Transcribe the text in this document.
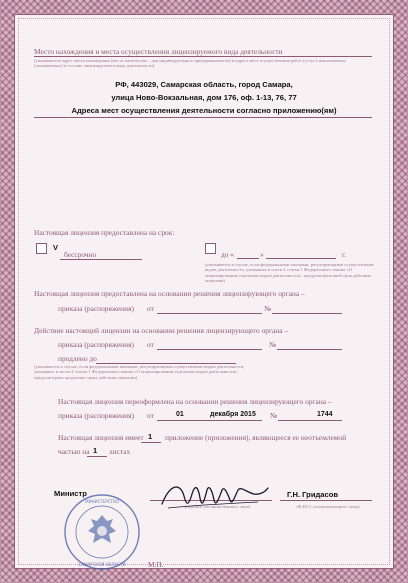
Место нахождения и места осуществления лицензируемого вида деятельности
(указываются адрес места нахождения (места жительства – для индивидуального предпринимателя) и адреса мест осуществления работ (услуг), выполняемых (оказываемых) в составе лицензируемого вида деятельности)
РФ, 443029, Самарская область, город Самара,
улица Ново-Вокзальная, дом 176, оф. 1-13, 76, 77
Адреса мест осуществления деятельности согласно приложению(ям)
Настоящая лицензия предоставлена на срок:
V
бессрочно	до «	»	г.
(указывается в случае, если федеральными законами, регулирующими осуществление видов деятельности, указанных в части 4 статьи 1 Федерального закона «О лицензировании отдельных видов деятельности», предусмотрен иной срок действия лицензии)
Настоящая лицензия предоставлена на основании решения лицензирующего органа –
приказа (распоряжения) от	№
Действие настоящей лицензии на основании решения лицензирующего органа –
приказа (распоряжения) от	№
продлено до
(указывается в случае, если федеральными законами, регулирующими осуществление видов деятельности, указанных в части 4 статьи 1 Федерального закона «О лицензировании отдельных видов деятельности», предусмотрено продление срока действия лицензии)
Настоящая лицензия переоформлена на основании решения лицензирующего органа –
приказа (распоряжения) от	01	декабря 2015 №	1744
Настоящая лицензия имеет 1 приложение (приложения), являющееся ее неотъемлемой
частью на 1 листах
Министр
(подпись уполномоченного лица)
Г.Н. Гридасов
(Ф.И.О. уполномоченного лица)
М.П.
МИНИСТЕРСТВО
САМАРСКОЙ ОБЛАСТИ
